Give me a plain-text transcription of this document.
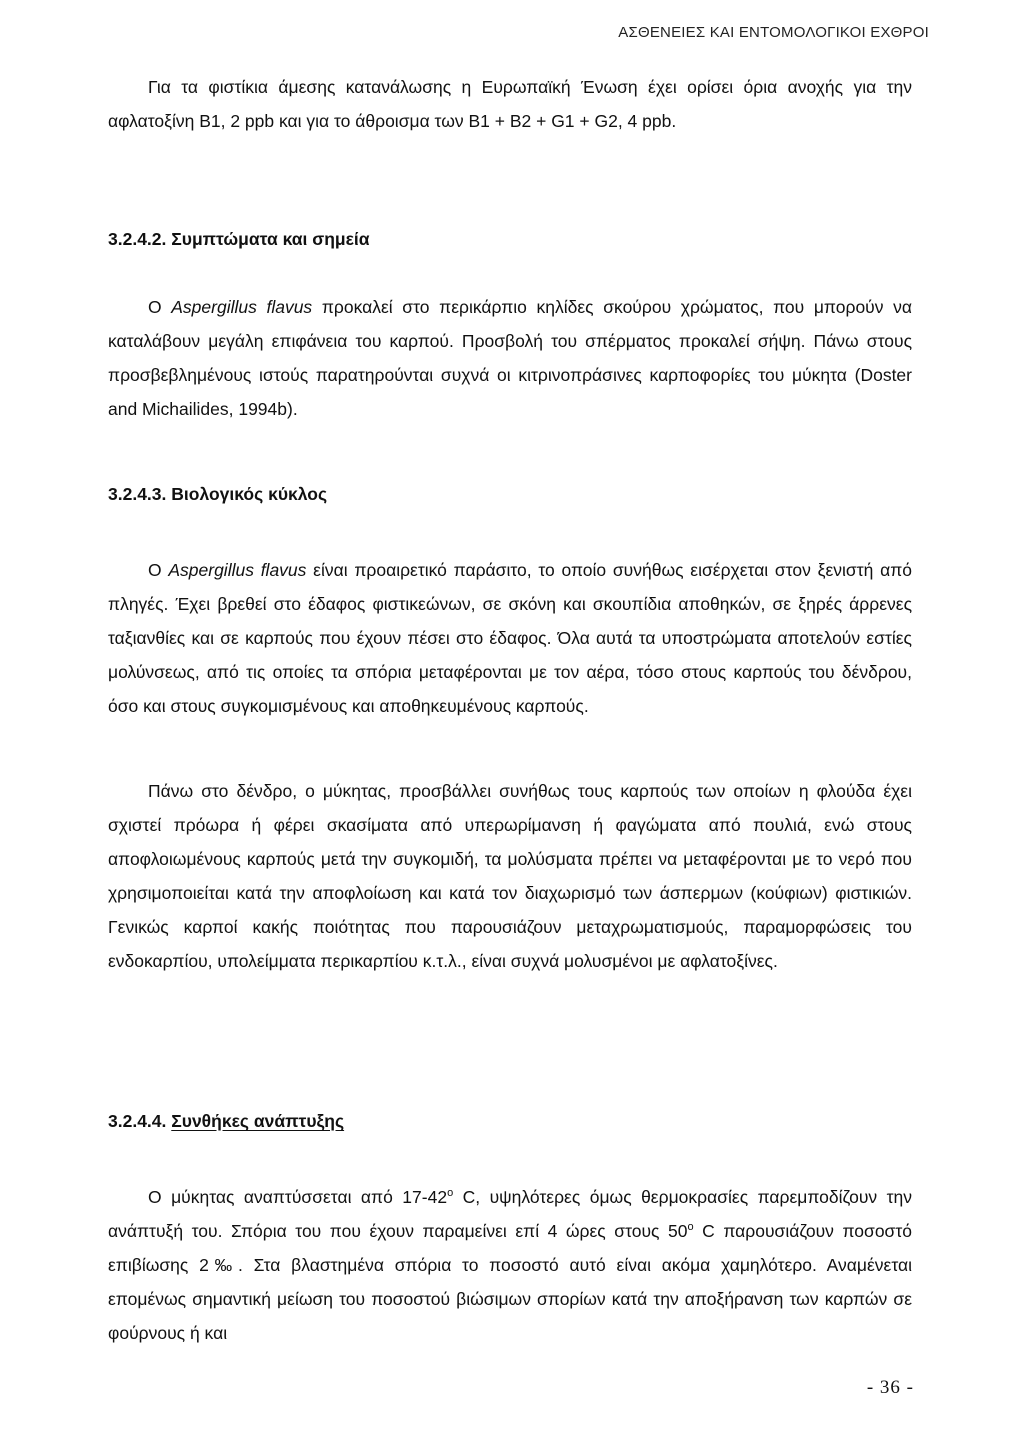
ΑΣΘΕΝΕΙΕΣ ΚΑΙ ΕΝΤΟΜΟΛΟΓΙΚΟΙ ΕΧΘΡΟΙ

Για τα φιστίκια άμεσης κατανάλωσης η Ευρωπαϊκή Ένωση έχει ορίσει όρια ανοχής για την αφλατοξίνη Β1, 2 ppb και για το άθροισμα των Β1 + Β2 + G1 + G2, 4 ppb.

3.2.4.2. Συμπτώματα και σημεία

Ο Aspergillus flavus προκαλεί στο περικάρπιο κηλίδες σκούρου χρώματος, που μπορούν να καταλάβουν μεγάλη επιφάνεια του καρπού. Προσβολή του σπέρματος προκαλεί σήψη. Πάνω στους προσβεβλημένους ιστούς παρατηρούνται συχνά οι κιτρινοπράσινες καρποφορίες του μύκητα (Doster and Michailides, 1994b).

3.2.4.3. Βιολογικός κύκλος

Ο Aspergillus flavus είναι προαιρετικό παράσιτο, το οποίο συνήθως εισέρχεται στον ξενιστή από πληγές. Έχει βρεθεί στο έδαφος φιστικεώνων, σε σκόνη και σκουπίδια αποθηκών, σε ξηρές άρρενες ταξιανθίες και σε καρπούς που έχουν πέσει στο έδαφος. Όλα αυτά τα υποστρώματα αποτελούν εστίες μολύνσεως, από τις οποίες τα σπόρια μεταφέρονται με τον αέρα, τόσο στους καρπούς του δένδρου, όσο και στους συγκομισμένους και αποθηκευμένους καρπούς.

Πάνω στο δένδρο, ο μύκητας, προσβάλλει συνήθως τους καρπούς των οποίων η φλούδα έχει σχιστεί πρόωρα ή φέρει σκασίματα από υπερωρίμανση ή φαγώματα από πουλιά, ενώ στους αποφλοιωμένους καρπούς μετά την συγκομιδή, τα μολύσματα πρέπει να μεταφέρονται με το νερό που χρησιμοποιείται κατά την αποφλοίωση και κατά τον διαχωρισμό των άσπερμων (κούφιων) φιστικιών. Γενικώς καρποί κακής ποιότητας που παρουσιάζουν μεταχρωματισμούς, παραμορφώσεις του ενδοκαρπίου, υπολείμματα περικαρπίου κ.τ.λ., είναι συχνά μολυσμένοι με αφλατοξίνες.

3.2.4.4. Συνθήκες ανάπτυξης

Ο μύκητας αναπτύσσεται από 17-42$^o$ C, υψηλότερες όμως θερμοκρασίες παρεμποδίζουν την ανάπτυξή του. Σπόρια του που έχουν παραμείνει επί 4 ώρες στους 50$^o$ C παρουσιάζουν ποσοστό επιβίωσης 2‰. Στα βλαστημένα σπόρια το ποσοστό αυτό είναι ακόμα χαμηλότερο. Αναμένεται επομένως σημαντική μείωση του ποσοστού βιώσιμων σπορίων κατά την αποξήρανση των καρπών σε φούρνους ή και

- 36 -
